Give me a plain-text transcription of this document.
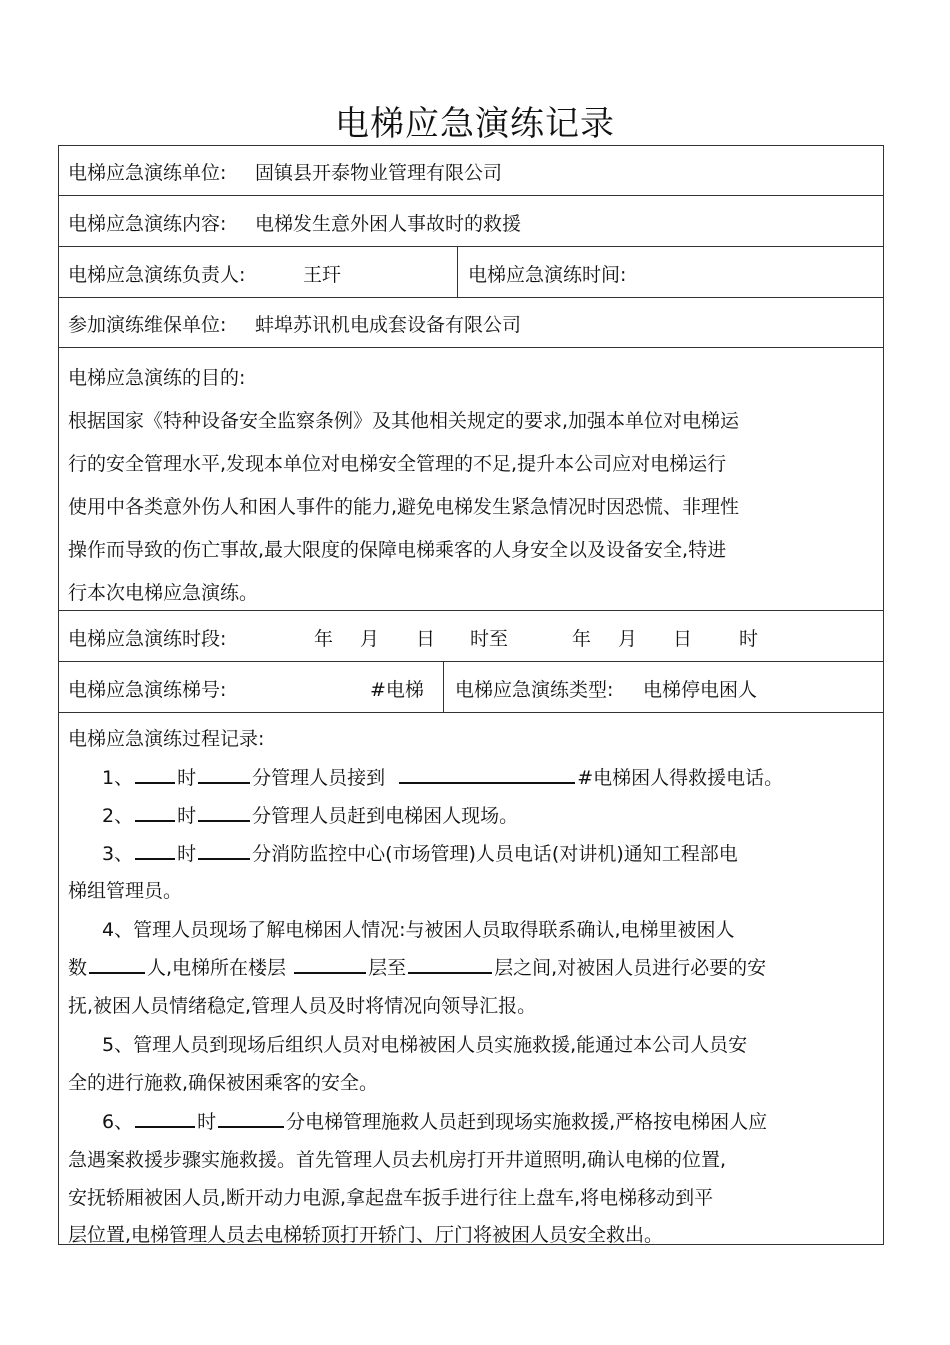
电梯应急演练记录
电梯应急演练单位: 固镇县开泰物业管理有限公司
电梯应急演练内容: 电梯发生意外困人事故时的救援
电梯应急演练负责人:	王玕	电梯应急演练时间:
参加演练维保单位: 蚌埠苏讯机电成套设备有限公司
电梯应急演练的目的:
根据国家《特种设备安全监察条例》及其他相关规定的要求,加强本单位对电梯运
行的安全管理水平,发现本单位对电梯安全管理的不足,提升本公司应对电梯运行
使用中各类意外伤人和困人事件的能力,避免电梯发生紧急情况时因恐慌、非理性
操作而导致的伤亡事故,最大限度的保障电梯乘客的人身安全以及设备安全,特进
行本次电梯应急演练。
电梯应急演练时段:	年 月 日 时至	年 月 日 时
电梯应急演练梯号:	#电梯 电梯应急演练类型: 电梯停电困人
电梯应急演练过程记录:
1、 时	分管理人员接到	#电梯困人得救援电话。
2、 时	分管理人员赶到电梯困人现场。
3、 时	分消防监控中心(市场管理)人员电话(对讲机)通知工程部电
梯组管理员。
4、管理人员现场了解电梯困人情况:与被困人员取得联系确认,电梯里被困人
数	人,电梯所在楼层	层至	层之间,对被困人员进行必要的安
抚,被困人员情绪稳定,管理人员及时将情况向领导汇报。
5、管理人员到现场后组织人员对电梯被困人员实施救援,能通过本公司人员安
全的进行施救,确保被困乘客的安全。
6、	时	分电梯管理施救人员赶到现场实施救援,严格按电梯困人应
急遇案救援步骤实施救援。首先管理人员去机房打开井道照明,确认电梯的位置,
安抚轿厢被困人员,断开动力电源,拿起盘车扳手进行往上盘车,将电梯移动到平
层位置,电梯管理人员去电梯轿顶打开轿门、厅门将被困人员安全救出。
